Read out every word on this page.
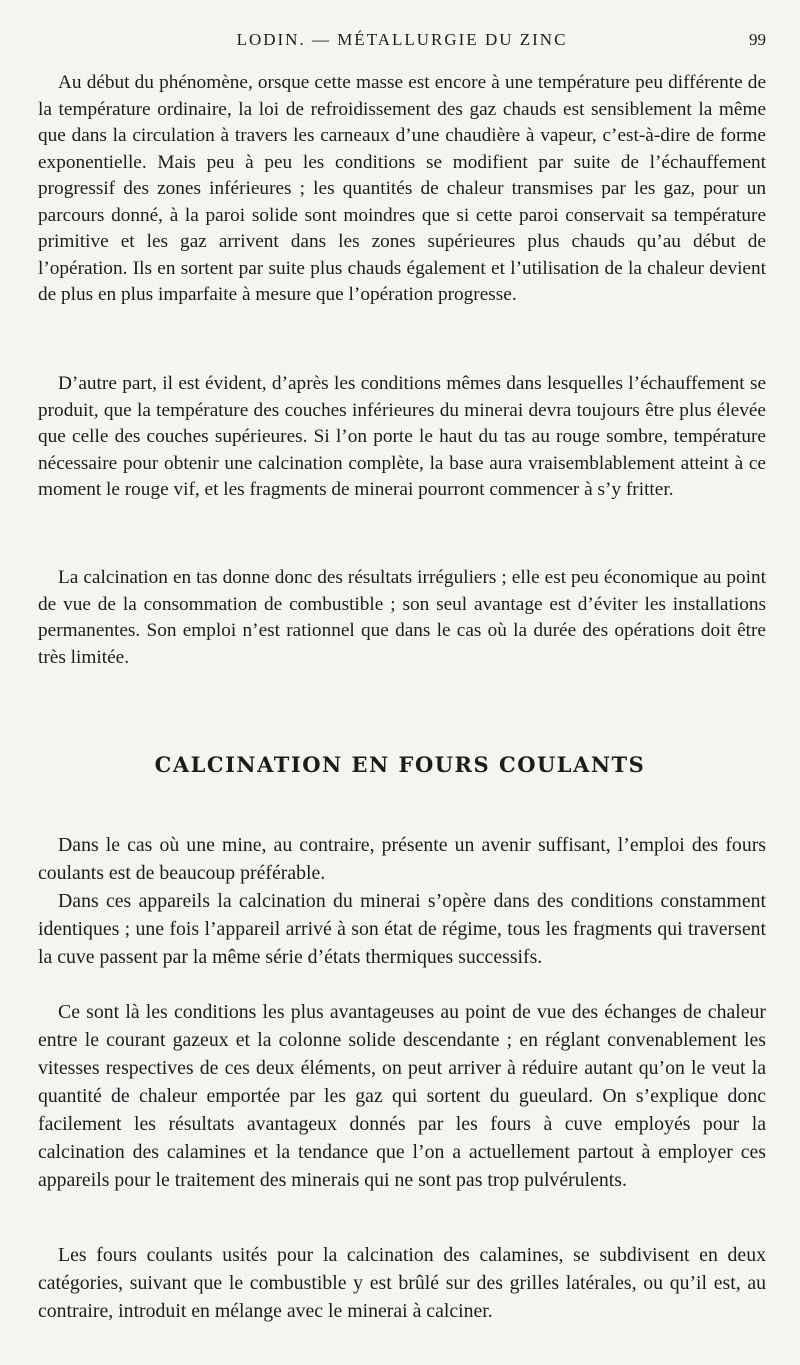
LODIN. — MÉTALLURGIE DU ZINC	99

Au début du phénomène, orsque cette masse est encore à une température peu différente de la température ordinaire, la loi de refroidissement des gaz chauds est sensiblement la même que dans la circulation à travers les carneaux d’une chaudière à vapeur, c’est-à-dire de forme exponentielle. Mais peu à peu les conditions se modifient par suite de l’échauffement progressif des zones inférieures ; les quantités de chaleur transmises par les gaz, pour un parcours donné, à la paroi solide sont moindres que si cette paroi conservait sa température primitive et les gaz arrivent dans les zones supérieures plus chauds qu’au début de l’opération. Ils en sortent par suite plus chauds également et l’utilisation de la chaleur devient de plus en plus imparfaite à mesure que l’opération progresse.

D’autre part, il est évident, d’après les conditions mêmes dans lesquelles l’échauffement se produit, que la température des couches inférieures du minerai devra toujours être plus élevée que celle des couches supérieures. Si l’on porte le haut du tas au rouge sombre, température nécessaire pour obtenir une calcination complète, la base aura vraisemblablement atteint à ce moment le rouge vif, et les fragments de minerai pourront commencer à s’y fritter.

La calcination en tas donne donc des résultats irréguliers ; elle est peu économique au point de vue de la consommation de combustible ; son seul avantage est d’éviter les installations permanentes. Son emploi n’est rationnel que dans le cas où la durée des opérations doit être très limitée.

CALCINATION EN FOURS COULANTS

Dans le cas où une mine, au contraire, présente un avenir suffisant, l’emploi des fours coulants est de beaucoup préférable.

Dans ces appareils la calcination du minerai s’opère dans des conditions constamment identiques ; une fois l’appareil arrivé à son état de régime, tous les fragments qui traversent la cuve passent par la même série d’états thermiques successifs.

Ce sont là les conditions les plus avantageuses au point de vue des échanges de chaleur entre le courant gazeux et la colonne solide descendante ; en réglant convenablement les vitesses respectives de ces deux éléments, on peut arriver à réduire autant qu’on le veut la quantité de chaleur emportée par les gaz qui sortent du gueulard. On s’explique donc facilement les résultats avantageux donnés par les fours à cuve employés pour la calcination des calamines et la tendance que l’on a actuellement partout à employer ces appareils pour le traitement des minerais qui ne sont pas trop pulvérulents.

Les fours coulants usités pour la calcination des calamines, se subdivisent en deux catégories, suivant que le combustible y est brûlé sur des grilles latérales, ou qu’il est, au contraire, introduit en mélange avec le minerai à calciner.
